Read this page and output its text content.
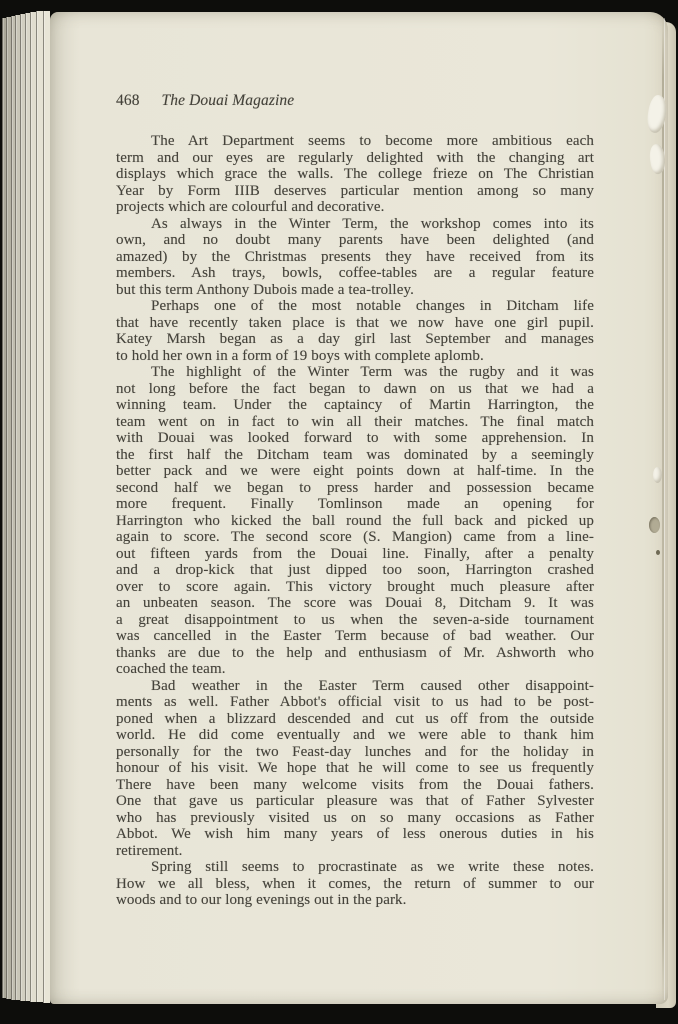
468 The Douai Magazine
The Art Department seems to become more ambitious each
term and our eyes are regularly delighted with the changing art
displays which grace the walls. The college frieze on The Christian
Year by Form IIIB deserves particular mention among so many
projects which are colourful and decorative.
As always in the Winter Term, the workshop comes into its
own, and no doubt many parents have been delighted (and
amazed) by the Christmas presents they have received from its
members. Ash trays, bowls, coffee-tables are a regular feature
but this term Anthony Dubois made a tea-trolley.
Perhaps one of the most notable changes in Ditcham life
that have recently taken place is that we now have one girl pupil.
Katey Marsh began as a day girl last September and manages
to hold her own in a form of 19 boys with complete aplomb.
The highlight of the Winter Term was the rugby and it was
not long before the fact began to dawn on us that we had a
winning team. Under the captaincy of Martin Harrington, the
team went on in fact to win all their matches. The final match
with Douai was looked forward to with some apprehension. In
the first half the Ditcham team was dominated by a seemingly
better pack and we were eight points down at half-time. In the
second half we began to press harder and possession became
more frequent. Finally Tomlinson made an opening for
Harrington who kicked the ball round the full back and picked up
again to score. The second score (S. Mangion) came from a line-
out fifteen yards from the Douai line. Finally, after a penalty
and a drop-kick that just dipped too soon, Harrington crashed
over to score again. This victory brought much pleasure after
an unbeaten season. The score was Douai 8, Ditcham 9. It was
a great disappointment to us when the seven-a-side tournament
was cancelled in the Easter Term because of bad weather. Our
thanks are due to the help and enthusiasm of Mr. Ashworth who
coached the team.
Bad weather in the Easter Term caused other disappoint-
ments as well. Father Abbot's official visit to us had to be post-
poned when a blizzard descended and cut us off from the outside
world. He did come eventually and we were able to thank him
personally for the two Feast-day lunches and for the holiday in
honour of his visit. We hope that he will come to see us frequently
There have been many welcome visits from the Douai fathers.
One that gave us particular pleasure was that of Father Sylvester
who has previously visited us on so many occasions as Father
Abbot. We wish him many years of less onerous duties in his
retirement.
Spring still seems to procrastinate as we write these notes.
How we all bless, when it comes, the return of summer to our
woods and to our long evenings out in the park.
